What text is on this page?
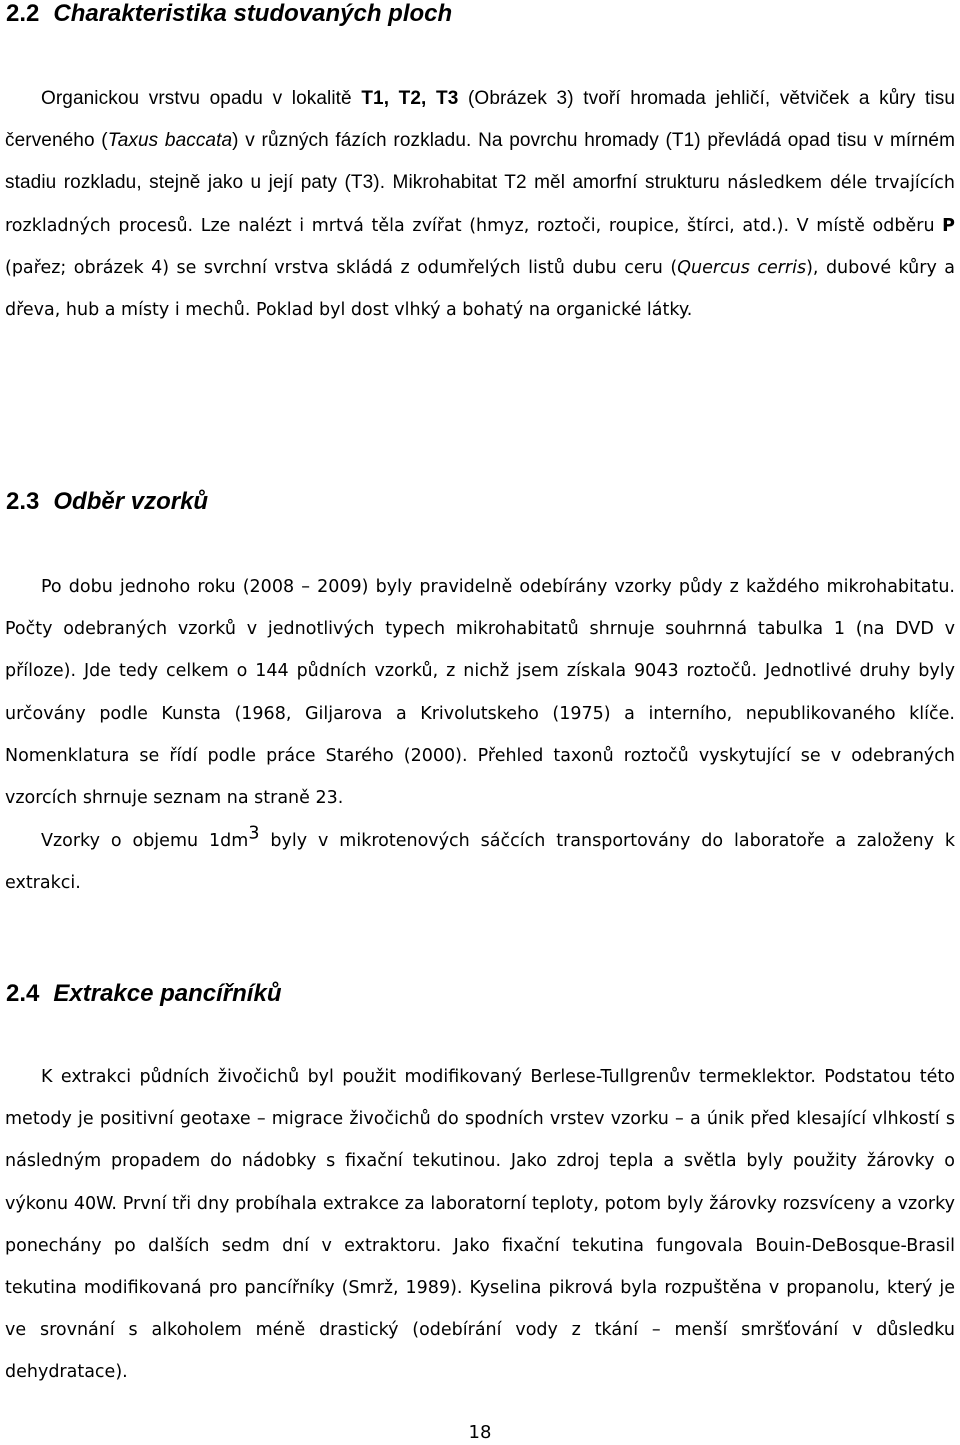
2.2 Charakteristika studovaných ploch

Organickou vrstvu opadu v lokalitě T1, T2, T3 (Obrázek 3) tvoří hromada jehličí, větviček a kůry tisu červeného (Taxus baccata) v různých fázích rozkladu. Na povrchu hromady (T1) převládá opad tisu v mírném stadiu rozkladu, stejně jako u její paty (T3). Mikrohabitat T2 měl amorfní strukturu následkem déle trvajících rozkladných procesů. Lze nalézt i mrtvá těla zvířat (hmyz, roztoči, roupice, štírci, atd.). V místě odběru P (pařez; obrázek 4) se svrchní vrstva skládá z odumřelých listů dubu ceru (Quercus cerris), dubové kůry a dřeva, hub a místy i mechů. Poklad byl dost vlhký a bohatý na organické látky.

2.3 Odběr vzorků

Po dobu jednoho roku (2008 – 2009) byly pravidelně odebírány vzorky půdy z každého mikrohabitatu. Počty odebraných vzorků v jednotlivých typech mikrohabitatů shrnuje souhrnná tabulka 1 (na DVD v příloze). Jde tedy celkem o 144 půdních vzorků, z nichž jsem získala 9043 roztočů. Jednotlivé druhy byly určovány podle Kunsta (1968, Giljarova a Krivolutskeho (1975) a interního, nepublikovaného klíče. Nomenklatura se řídí podle práce Starého (2000). Přehled taxonů roztočů vyskytující se v odebraných vzorcích shrnuje seznam na straně 23.

Vzorky o objemu $1dm^3$ byly v mikrotenových sáčcích transportovány do laboratoře a založeny k extrakci.

2.4 Extrakce pancířníků

K extrakci půdních živočichů byl použit modifikovaný Berlese-Tullgrenův termeklektor. Podstatou této metody je positivní geotaxe – migrace živočichů do spodních vrstev vzorku – a únik před klesající vlhkostí s následným propadem do nádobky s fixační tekutinou. Jako zdroj tepla a světla byly použity žárovky o výkonu 40W. První tři dny probíhala extrakce za laboratorní teploty, potom byly žárovky rozsvíceny a vzorky ponechány po dalších sedm dní v extraktoru. Jako fixační tekutina fungovala Bouin-DeBosque-Brasil tekutina modifikovaná pro pancířníky (Smrž, 1989). Kyselina pikrová byla rozpuštěna v propanolu, který je ve srovnání s alkoholem méně drastický (odebírání vody z tkání – menší smršťování v důsledku dehydratace).

18
